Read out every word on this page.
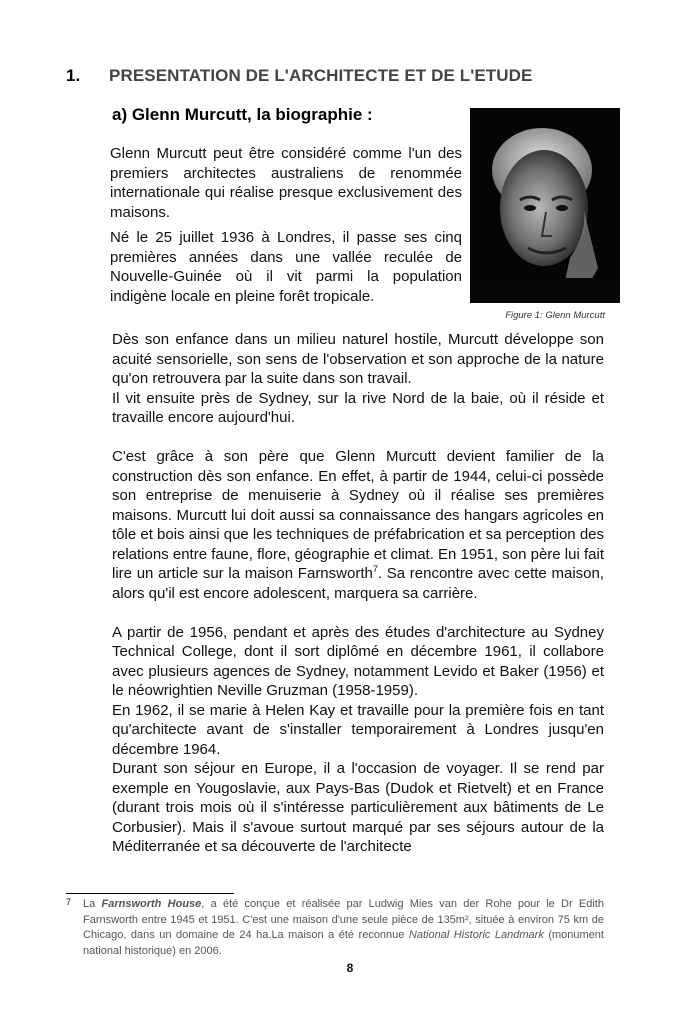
1. PRESENTATION DE L'ARCHITECTE ET DE L'ETUDE
a) Glenn Murcutt, la biographie :

Glenn Murcutt peut être considéré comme l'un des premiers architectes australiens de renommée internationale qui réalise presque exclusivement des maisons.

Né le 25 juillet 1936 à Londres, il passe ses cinq premières années dans une vallée reculée de Nouvelle-Guinée où il vit parmi la population indigène locale en pleine forêt tropicale.

Figure 1: Glenn Murcutt

Dès son enfance dans un milieu naturel hostile, Murcutt développe son acuité sensorielle, son sens de l'observation et son approche de la nature qu'on retrouvera par la suite dans son travail.

Il vit ensuite près de Sydney, sur la rive Nord de la baie, où il réside et travaille encore aujourd'hui.

C'est grâce à son père que Glenn Murcutt devient familier de la construction dès son enfance. En effet, à partir de 1944, celui-ci possède son entreprise de menuiserie à Sydney où il réalise ses premières maisons. Murcutt lui doit aussi sa connaissance des hangars agricoles en tôle et bois ainsi que les techniques de préfabrication et sa perception des relations entre faune, flore, géographie et climat. En 1951, son père lui fait lire un article sur la maison Farnsworth$^7$. Sa rencontre avec cette maison, alors qu'il est encore adolescent, marquera sa carrière.

A partir de 1956, pendant et après des études d'architecture au Sydney Technical College, dont il sort diplômé en décembre 1961, il collabore avec plusieurs agences de Sydney, notamment Levido et Baker (1956) et le néowrightien Neville Gruzman (1958-1959).

En 1962, il se marie à Helen Kay et travaille pour la première fois en tant qu'architecte avant de s'installer temporairement à Londres jusqu'en décembre 1964.

Durant son séjour en Europe, il a l'occasion de voyager. Il se rend par exemple en Yougoslavie, aux Pays-Bas (Dudok et Rietvelt) et en France (durant trois mois où il s'intéresse particulièrement aux bâtiments de Le Corbusier). Mais il s'avoue surtout marqué par ses séjours autour de la Méditerranée et sa découverte de l'architecte

7 La Farnsworth House, a été conçue et réalisée par Ludwig Mies van der Rohe pour le Dr Edith Farnsworth entre 1945 et 1951. C'est une maison d'une seule pièce de 135m², située à environ 75 km de Chicago, dans un domaine de 24 ha.La maison a été reconnue National Historic Landmark (monument national historique) en 2006.

8
